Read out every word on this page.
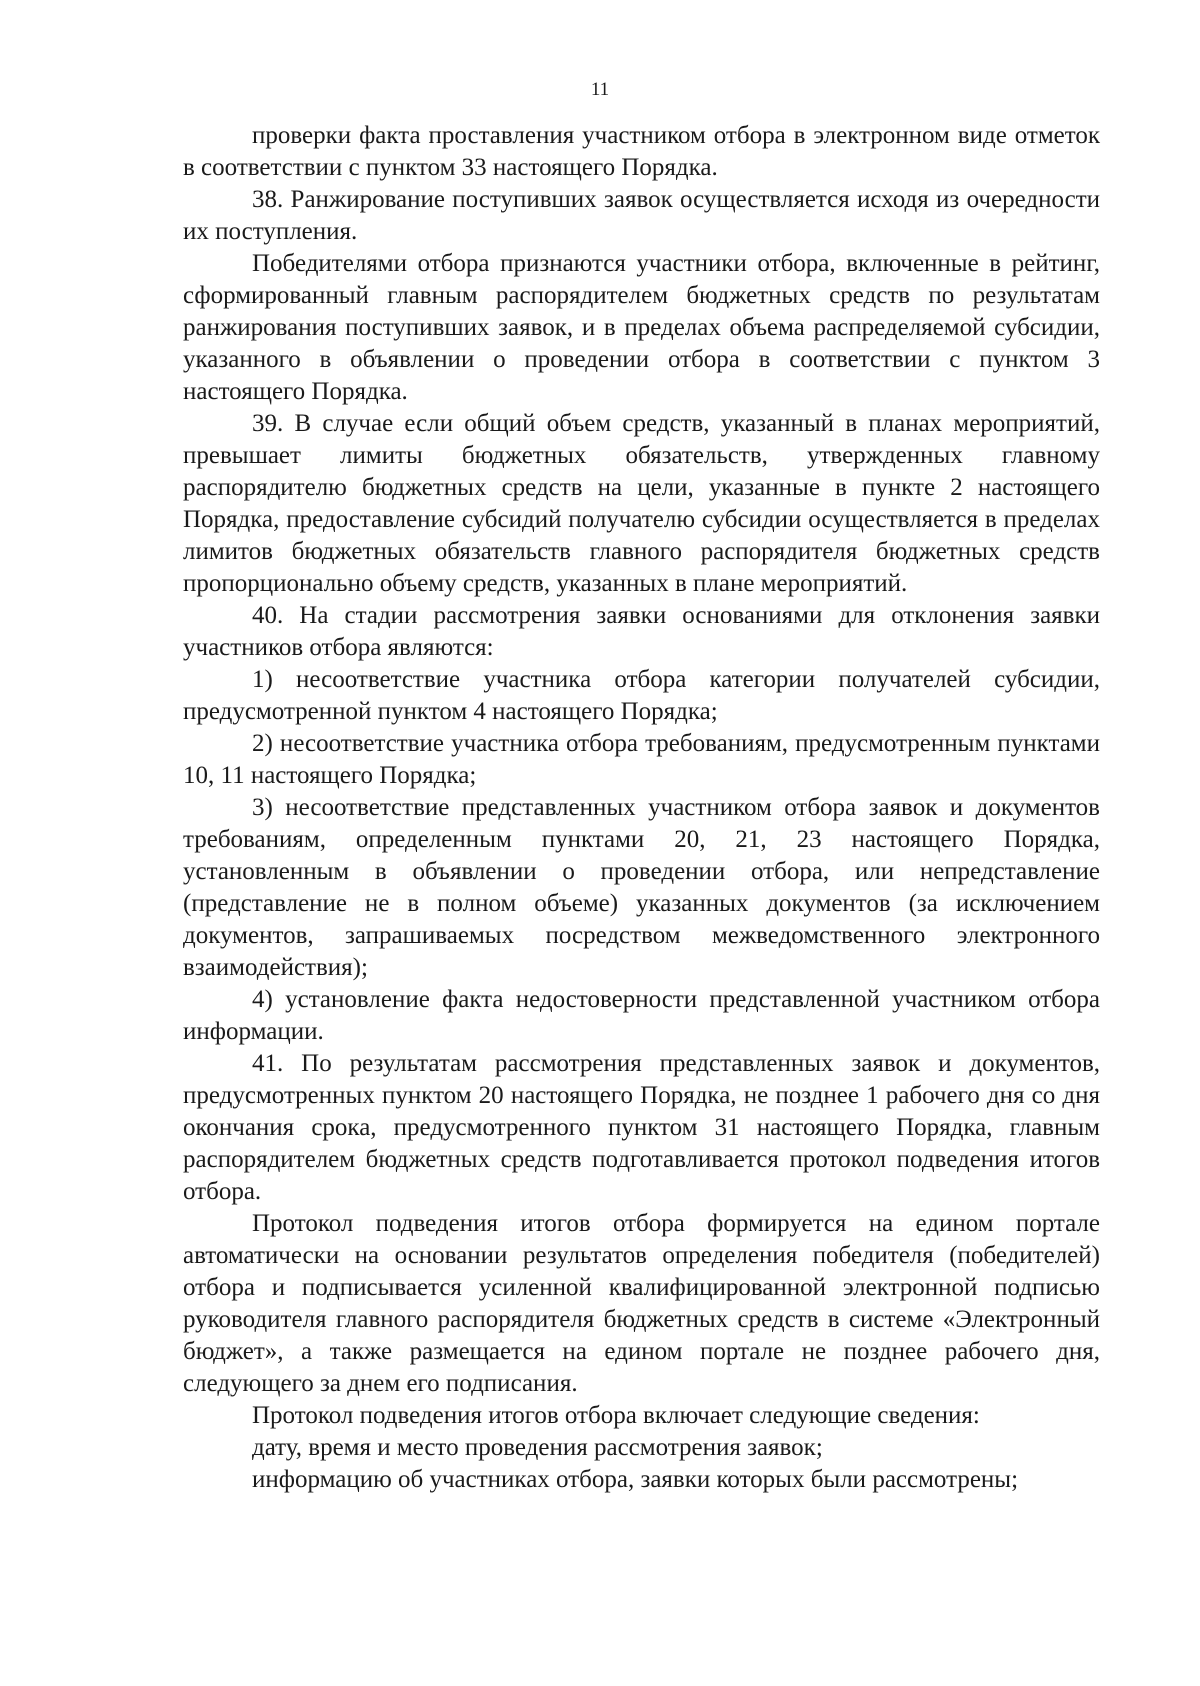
11

проверки факта проставления участником отбора в электронном виде отметок в соответствии с пунктом 33 настоящего Порядка.

38. Ранжирование поступивших заявок осуществляется исходя из очередности их поступления.

Победителями отбора признаются участники отбора, включенные в рейтинг, сформированный главным распорядителем бюджетных средств по результатам ранжирования поступивших заявок, и в пределах объема распределяемой субсидии, указанного в объявлении о проведении отбора в соответствии с пунктом 3 настоящего Порядка.

39. В случае если общий объем средств, указанный в планах мероприятий, превышает лимиты бюджетных обязательств, утвержденных главному распорядителю бюджетных средств на цели, указанные в пункте 2 настоящего Порядка, предоставление субсидий получателю субсидии осуществляется в пределах лимитов бюджетных обязательств главного распорядителя бюджетных средств пропорционально объему средств, указанных в плане мероприятий.

40. На стадии рассмотрения заявки основаниями для отклонения заявки участников отбора являются:

1) несоответствие участника отбора категории получателей субсидии, предусмотренной пунктом 4 настоящего Порядка;

2) несоответствие участника отбора требованиям, предусмотренным пунктами 10, 11 настоящего Порядка;

3) несоответствие представленных участником отбора заявок и документов требованиям, определенным пунктами 20, 21, 23 настоящего Порядка, установленным в объявлении о проведении отбора, или непредставление (представление не в полном объеме) указанных документов (за исключением документов, запрашиваемых посредством межведомственного электронного взаимодействия);

4) установление факта недостоверности представленной участником отбора информации.

41. По результатам рассмотрения представленных заявок и документов, предусмотренных пунктом 20 настоящего Порядка, не позднее 1 рабочего дня со дня окончания срока, предусмотренного пунктом 31 настоящего Порядка, главным распорядителем бюджетных средств подготавливается протокол подведения итогов отбора.

Протокол подведения итогов отбора формируется на едином портале автоматически на основании результатов определения победителя (победителей) отбора и подписывается усиленной квалифицированной электронной подписью руководителя главного распорядителя бюджетных средств в системе «Электронный бюджет», а также размещается на едином портале не позднее рабочего дня, следующего за днем его подписания.

Протокол подведения итогов отбора включает следующие сведения:

дату, время и место проведения рассмотрения заявок;

информацию об участниках отбора, заявки которых были рассмотрены;
